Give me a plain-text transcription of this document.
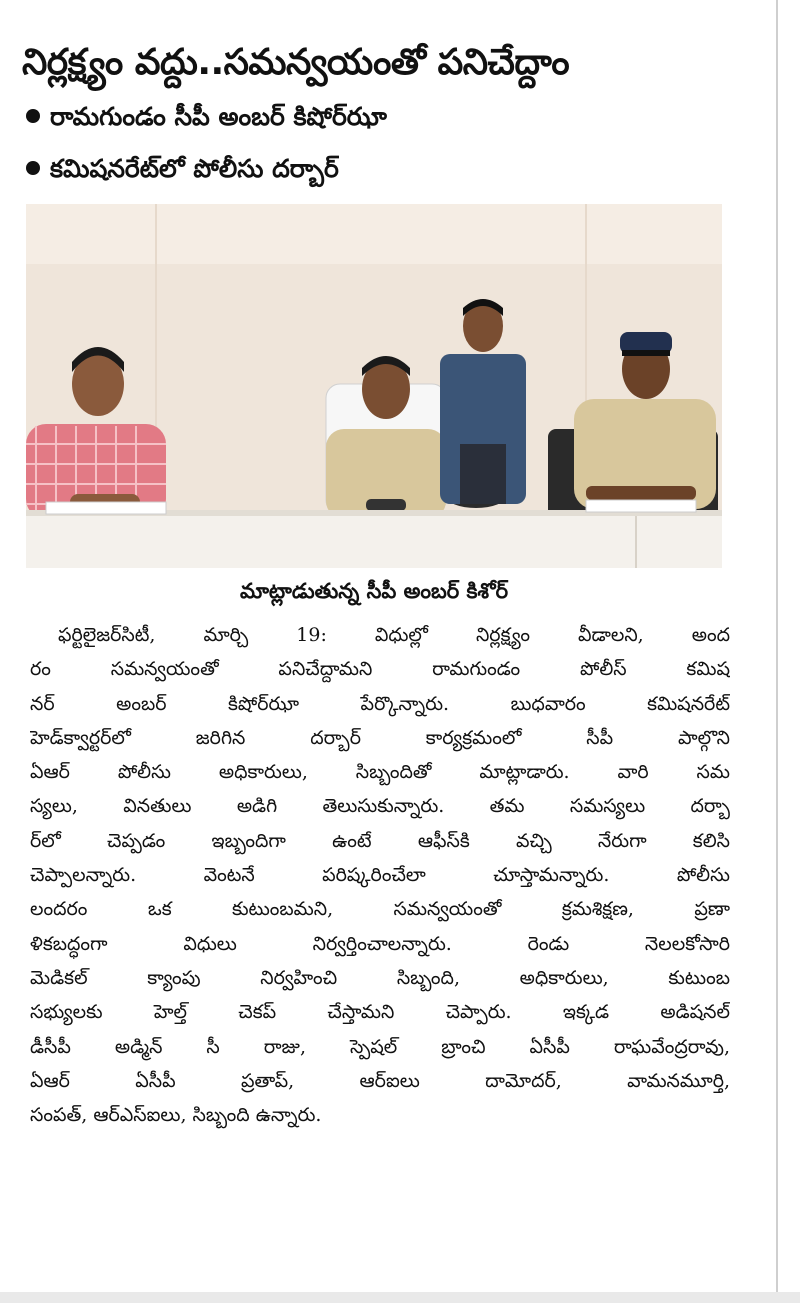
నిర్లక్ష్యం వద్దు..సమన్వయంతో పనిచేద్దాం
రామగుండం సీపీ అంబర్ కిషోర్‌ఝా
కమిషనరేట్‌లో పోలీసు దర్బార్
మాట్లాడుతున్న సీపీ అంబర్ కిశోర్
ఫర్టిలైజర్‌సిటీ, మార్చి 19: విధుల్లో నిర్లక్ష్యం వీడాలని, అంద
రం సమన్వయంతో పనిచేద్దామని రామగుండం పోలీస్ కమిష
నర్ అంబర్ కిషోర్‌ఝా పేర్కొన్నారు. బుధవారం కమిషనరేట్
హెడ్‌క్వార్టర్‌లో జరిగిన దర్బార్ కార్యక్రమంలో సీపీ పాల్గొని
ఏఆర్ పోలీసు అధికారులు, సిబ్బందితో మాట్లాడారు. వారి సమ
స్యలు, వినతులు అడిగి తెలుసుకున్నారు. తమ సమస్యలు దర్బా
ర్‌లో చెప్పడం ఇబ్బందిగా ఉంటే ఆఫీస్‌కి వచ్చి నేరుగా కలిసి
చెప్పాలన్నారు. వెంటనే పరిష్కరించేలా చూస్తామన్నారు. పోలీసు
లందరం ఒక కుటుంబమని, సమన్వయంతో క్రమశిక్షణ, ప్రణా
ళికబద్ధంగా విధులు నిర్వర్తించాలన్నారు. రెండు నెలలకోసారి
మెడికల్ క్యాంపు నిర్వహించి సిబ్బంది, అధికారులు, కుటుంబ
సభ్యులకు హెల్త్ చెకప్ చేస్తామని చెప్పారు. ఇక్కడ అడిషనల్
డీసీపీ అడ్మిన్ సీ రాజు, స్పెషల్ బ్రాంచి ఏసీపీ రాఘవేంద్రరావు,
ఏఆర్ ఏసీపీ ప్రతాప్, ఆర్‌ఐలు దామోదర్, వామనమూర్తి,
సంపత్, ఆర్ఎస్ఐలు, సిబ్బంది ఉన్నారు.
